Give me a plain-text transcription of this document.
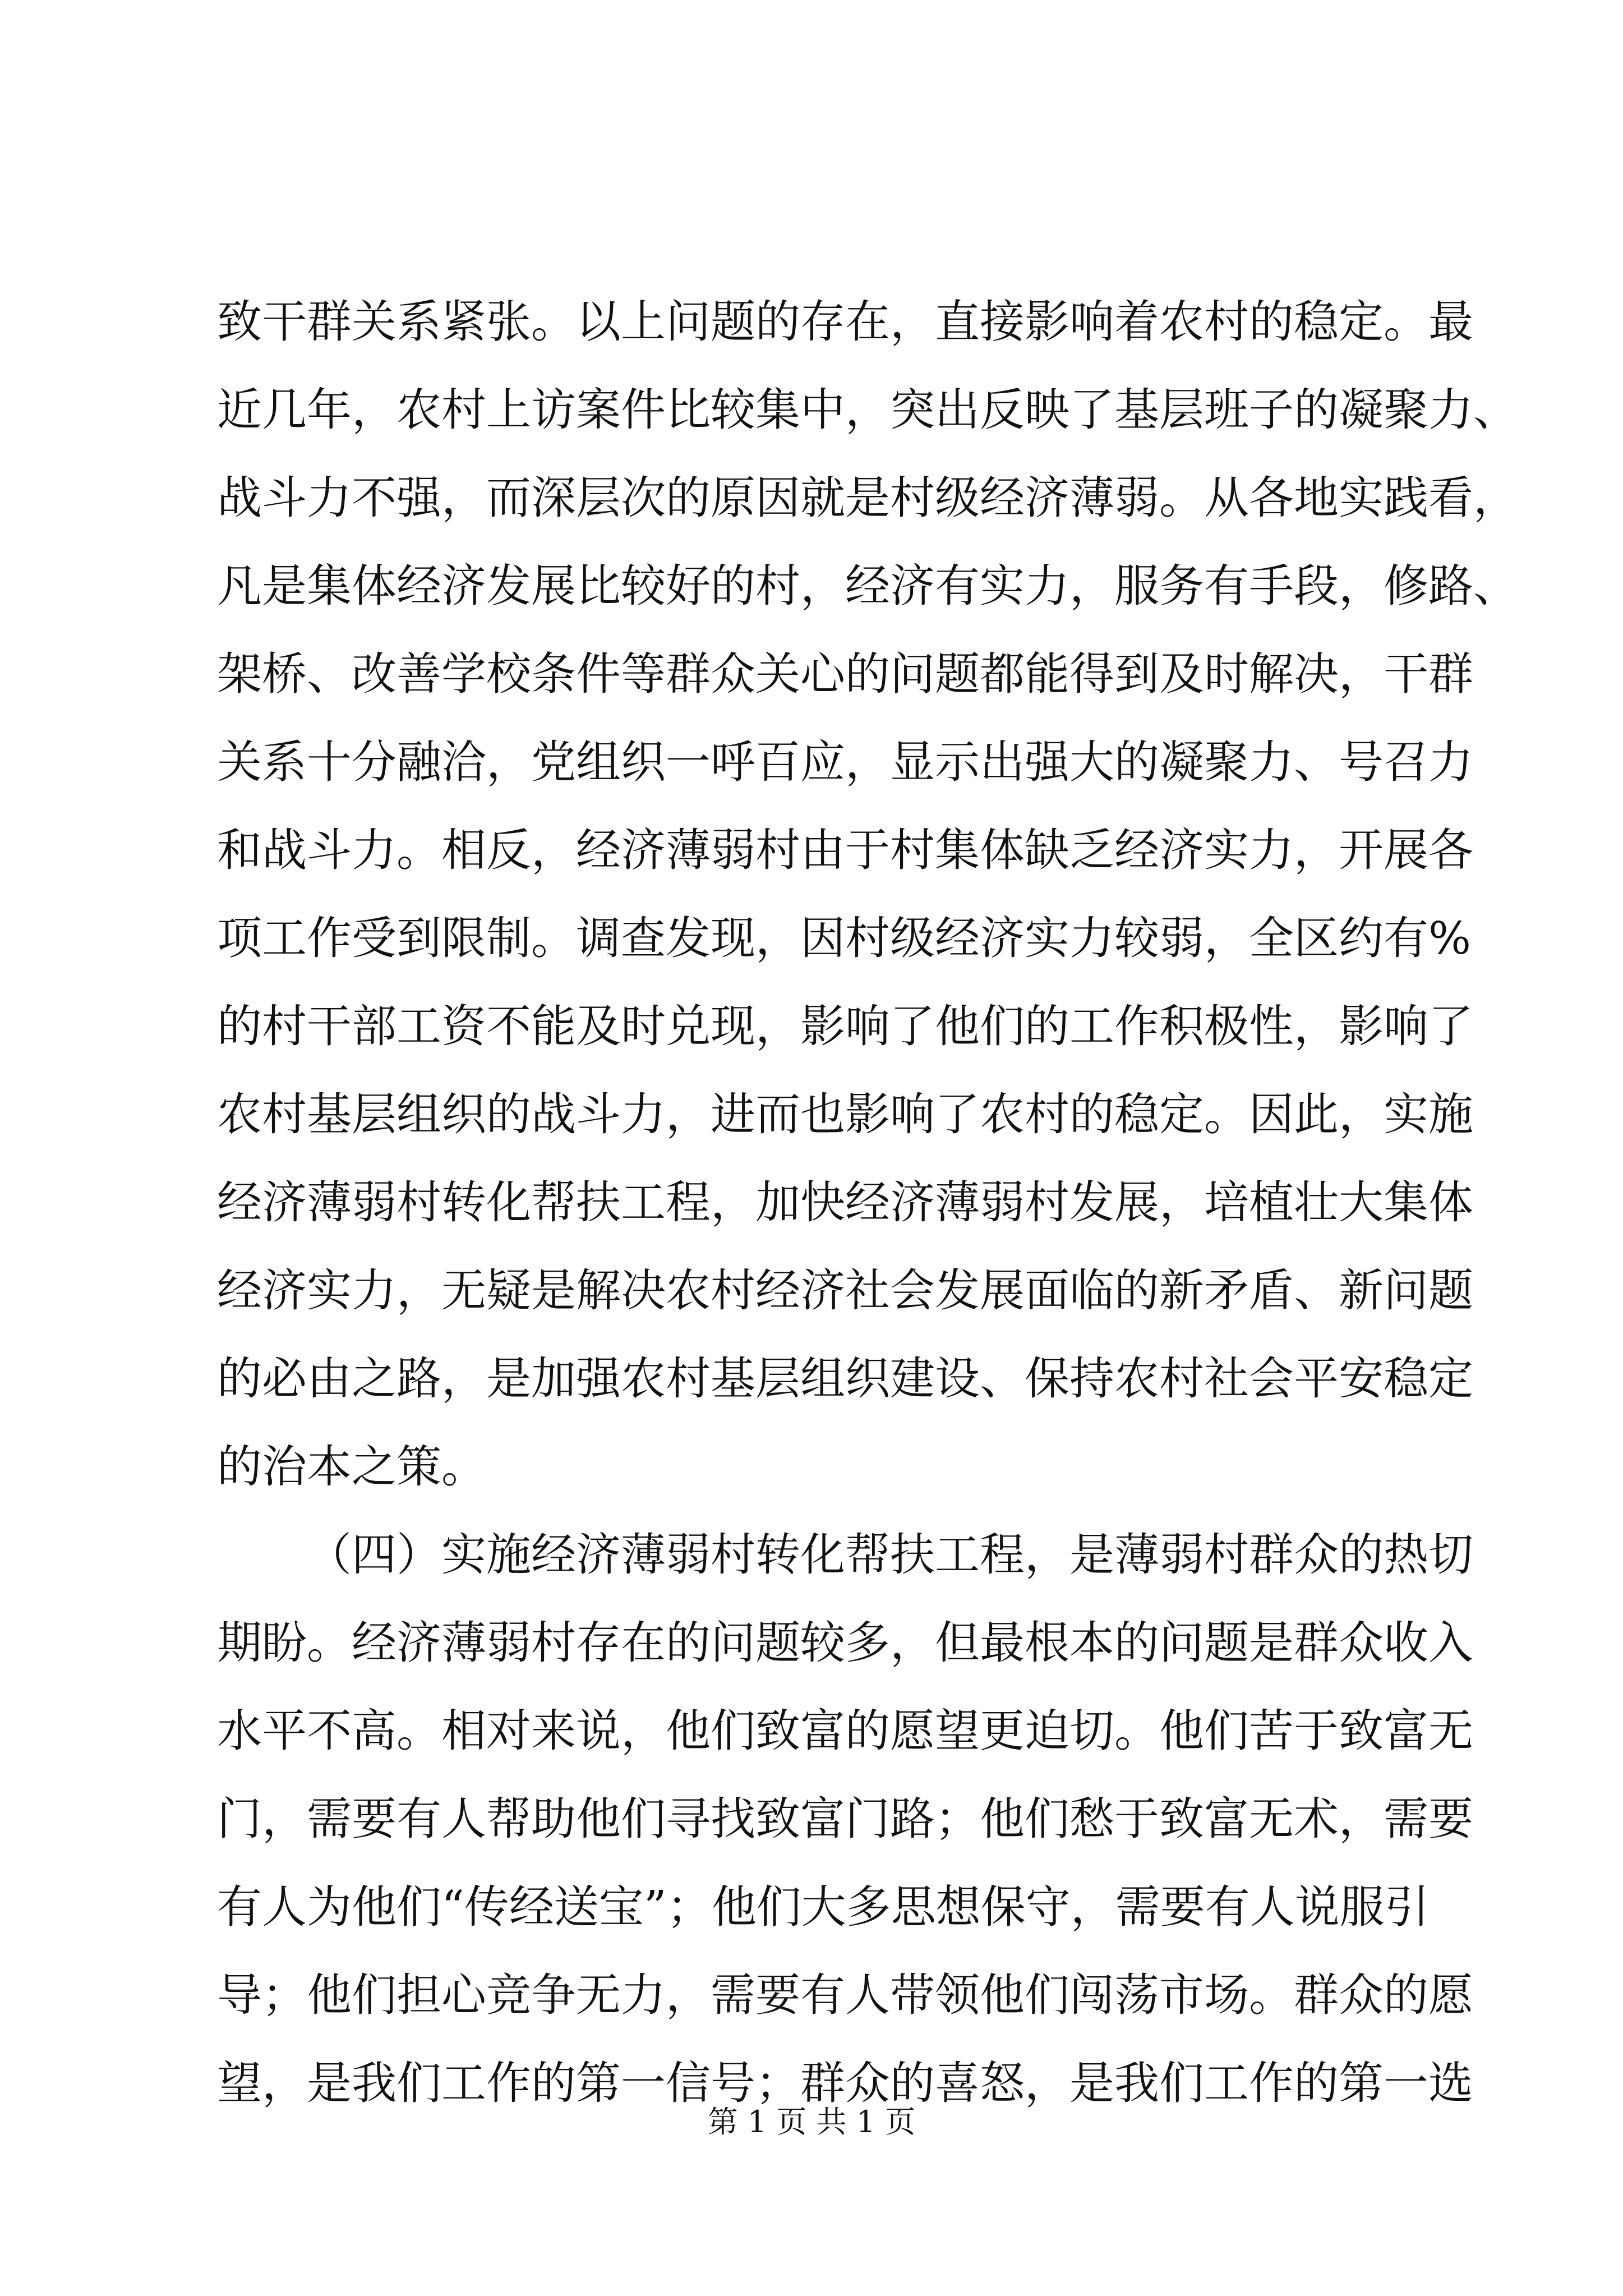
致干群关系紧张。以上问题的存在，直接影响着农村的稳定。最
近几年，农村上访案件比较集中，突出反映了基层班子的凝聚力、
战斗力不强，而深层次的原因就是村级经济薄弱。从各地实践看，
凡是集体经济发展比较好的村，经济有实力，服务有手段，修路、
架桥、改善学校条件等群众关心的问题都能得到及时解决，干群
关系十分融洽，党组织一呼百应，显示出强大的凝聚力、号召力
和战斗力。相反，经济薄弱村由于村集体缺乏经济实力，开展各
项工作受到限制。调查发现，因村级经济实力较弱，全区约有%
的村干部工资不能及时兑现，影响了他们的工作积极性，影响了
农村基层组织的战斗力，进而也影响了农村的稳定。因此，实施
经济薄弱村转化帮扶工程，加快经济薄弱村发展，培植壮大集体
经济实力，无疑是解决农村经济社会发展面临的新矛盾、新问题
的必由之路，是加强农村基层组织建设、保持农村社会平安稳定
的治本之策。
（四）实施经济薄弱村转化帮扶工程，是薄弱村群众的热切
期盼。经济薄弱村存在的问题较多，但最根本的问题是群众收入
水平不高。相对来说，他们致富的愿望更迫切。他们苦于致富无
门，需要有人帮助他们寻找致富门路；他们愁于致富无术，需要
有人为他们“传经送宝”；他们大多思想保守，需要有人说服引
导；他们担心竞争无力，需要有人带领他们闯荡市场。群众的愿
望，是我们工作的第一信号；群众的喜怒，是我们工作的第一选
第 1 页 共 1 页
